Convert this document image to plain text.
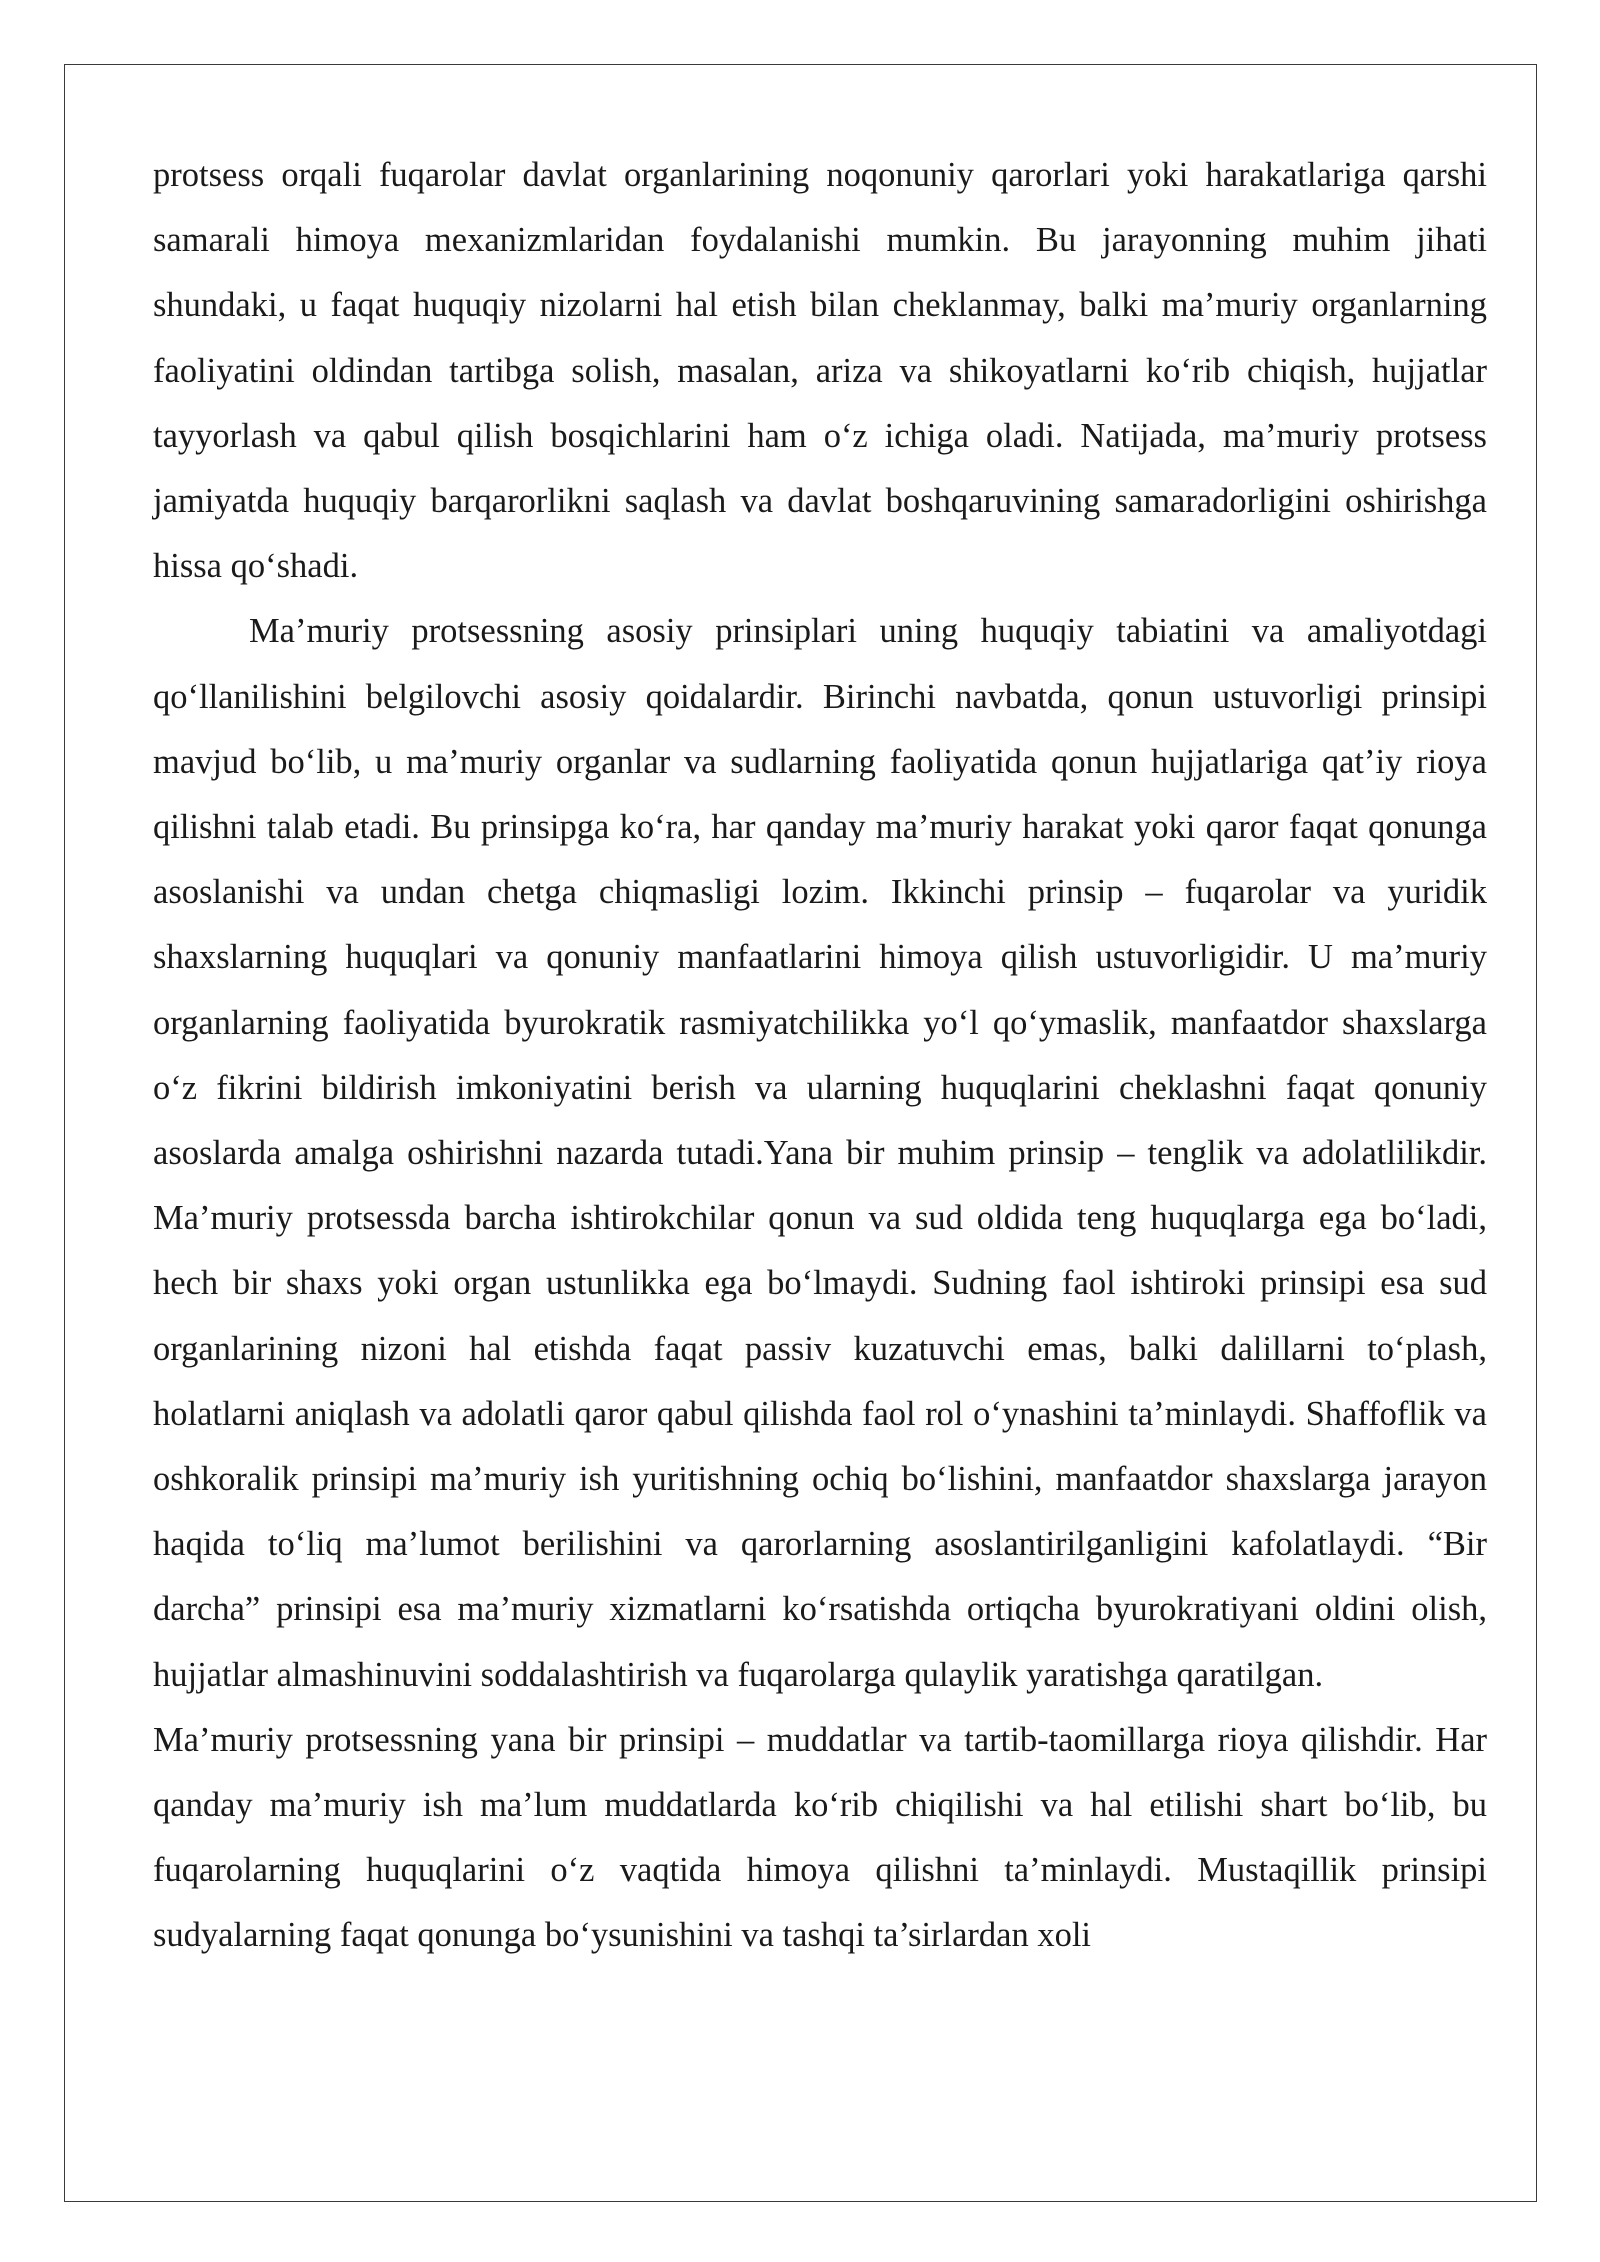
protsess orqali fuqarolar davlat organlarining noqonuniy qarorlari yoki harakatlariga qarshi samarali himoya mexanizmlaridan foydalanishi mumkin. Bu jarayonning muhim jihati shundaki, u faqat huquqiy nizolarni hal etish bilan cheklanmay, balki ma’muriy organlarning faoliyatini oldindan tartibga solish, masalan, ariza va shikoyatlarni ko‘rib chiqish, hujjatlar tayyorlash va qabul qilish bosqichlarini ham o‘z ichiga oladi. Natijada, ma’muriy protsess jamiyatda huquqiy barqarorlikni saqlash va davlat boshqaruvining samaradorligini oshirishga hissa qo‘shadi.

Ma’muriy protsessning asosiy prinsiplari uning huquqiy tabiatini va amaliyotdagi qo‘llanilishini belgilovchi asosiy qoidalardir. Birinchi navbatda, qonun ustuvorligi prinsipi mavjud bo‘lib, u ma’muriy organlar va sudlarning faoliyatida qonun hujjatlariga qat’iy rioya qilishni talab etadi. Bu prinsipga ko‘ra, har qanday ma’muriy harakat yoki qaror faqat qonunga asoslanishi va undan chetga chiqmasligi lozim. Ikkinchi prinsip – fuqarolar va yuridik shaxslarning huquqlari va qonuniy manfaatlarini himoya qilish ustuvorligidir. U ma’muriy organlarning faoliyatida byurokratik rasmiyatchilikka yo‘l qo‘ymaslik, manfaatdor shaxslarga o‘z fikrini bildirish imkoniyatini berish va ularning huquqlarini cheklashni faqat qonuniy asoslarda amalga oshirishni nazarda tutadi.Yana bir muhim prinsip – tenglik va adolatlilikdir. Ma’muriy protsessda barcha ishtirokchilar qonun va sud oldida teng huquqlarga ega bo‘ladi, hech bir shaxs yoki organ ustunlikka ega bo‘lmaydi. Sudning faol ishtiroki prinsipi esa sud organlarining nizoni hal etishda faqat passiv kuzatuvchi emas, balki dalillarni to‘plash, holatlarni aniqlash va adolatli qaror qabul qilishda faol rol o‘ynashini ta’minlaydi. Shaffoflik va oshkoralik prinsipi ma’muriy ish yuritishning ochiq bo‘lishini, manfaatdor shaxslarga jarayon haqida to‘liq ma’lumot berilishini va qarorlarning asoslantirilganligini kafolatlaydi. “Bir darcha” prinsipi esa ma’muriy xizmatlarni ko‘rsatishda ortiqcha byurokratiyani oldini olish, hujjatlar almashinuvini soddalashtirish va fuqarolarga qulaylik yaratishga qaratilgan.

Ma’muriy protsessning yana bir prinsipi – muddatlar va tartib-taomillarga rioya qilishdir. Har qanday ma’muriy ish ma’lum muddatlarda ko‘rib chiqilishi va hal etilishi shart bo‘lib, bu fuqarolarning huquqlarini o‘z vaqtida himoya qilishni ta’minlaydi. Mustaqillik prinsipi sudyalarning faqat qonunga bo‘ysunishini va tashqi ta’sirlardan xoli
